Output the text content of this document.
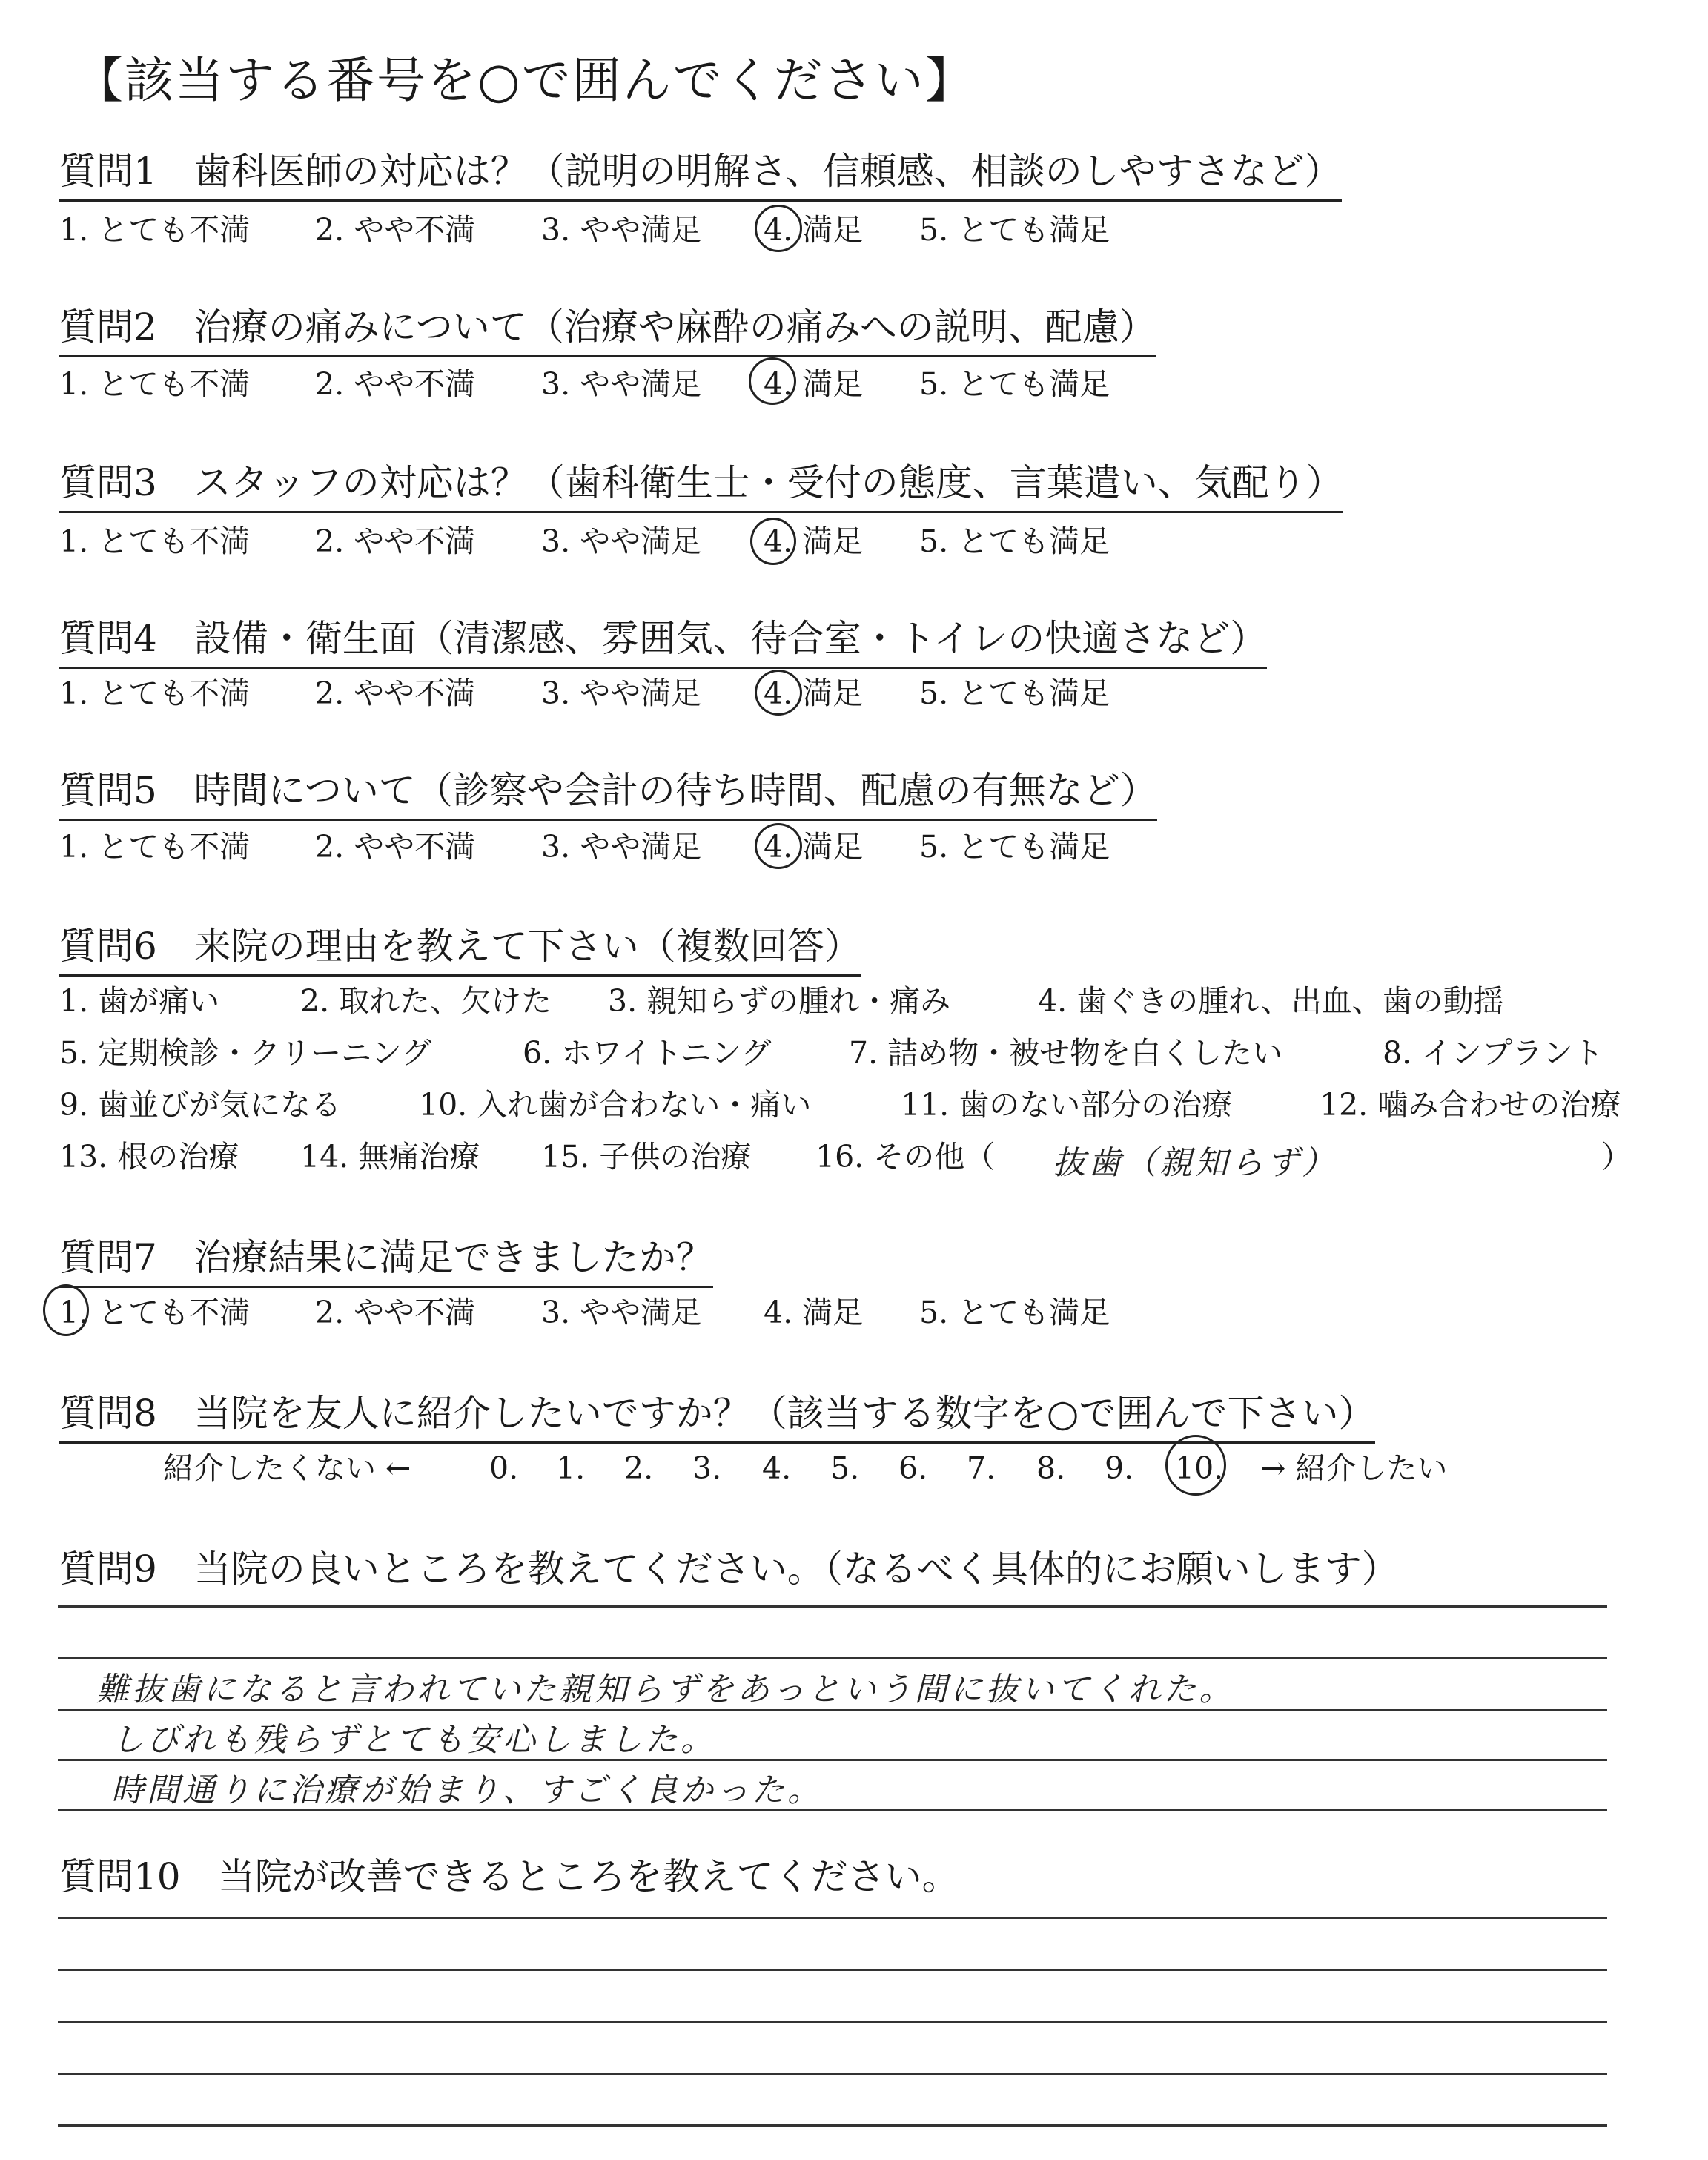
【該当する番号を○で囲んでください】
質問1　歯科医師の対応は？（説明の明解さ、信頼感、相談のしやすさなど）
1. とても不満 2. やや不満 3. やや満足 4. 満足 5. とても満足
質問2　治療の痛みについて（治療や麻酔の痛みへの説明、配慮）
1. とても不満 2. やや不満 3. やや満足 4. 満足 5. とても満足
質問3　スタッフの対応は？（歯科衛生士・受付の態度、言葉遣い、気配り）
1. とても不満 2. やや不満 3. やや満足 4. 満足 5. とても満足
質問4　設備・衛生面（清潔感、雰囲気、待合室・トイレの快適さなど）
1. とても不満 2. やや不満 3. やや満足 4. 満足 5. とても満足
質問5　時間について（診察や会計の待ち時間、配慮の有無など）
1. とても不満 2. やや不満 3. やや満足 4. 満足 5. とても満足
質問6　来院の理由を教えて下さい（複数回答）
1. 歯が痛い	2. 取れた、欠けた 3. 親知らずの腫れ・痛み	4. 歯ぐきの腫れ、出血、歯の動揺
5. 定期検診・クリーニング	6. ホワイトニング	7. 詰め物・被せ物を白くしたい	8. インプラント
9. 歯並びが気になる	10. 入れ歯が合わない・痛い	11. 歯のない部分の治療	12. 噛み合わせの治療
13. 根の治療 14. 無痛治療 15. 子供の治療 16. その他（	）
抜歯（親知らず）
質問7　治療結果に満足できましたか？
1. とても不満 2. やや不満 3. やや満足 4. 満足 5. とても満足
質問8　当院を友人に紹介したいですか？（該当する数字を○で囲んで下さい）
紹介したくない ←	0. 1. 2. 3. 4. 5. 6. 7. 8. 9. 10. → 紹介したい
質問9　当院の良いところを教えてください。（なるべく具体的にお願いします）
難抜歯になると言われていた親知らずをあっという間に抜いてくれた。
しびれも残らずとても安心しました。
時間通りに治療が始まり、すごく良かった。
質問10　当院が改善できるところを教えてください。
